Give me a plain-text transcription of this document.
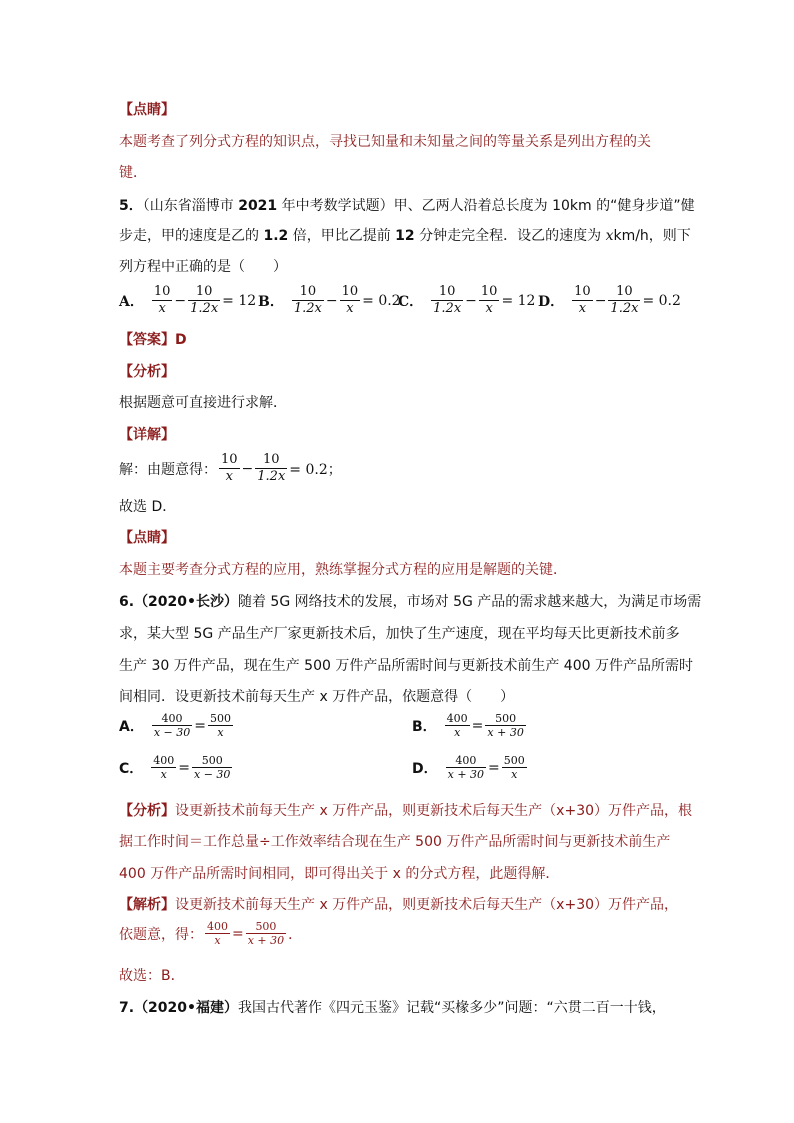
【点睛】
本题考查了列分式方程的知识点，寻找已知量和未知量之间的等量关系是列出方程的关
键．
5．（山东省淄博市 2021 年中考数学试题）甲、乙两人沿着总长度为 10km 的“健身步道”健
步走，甲的速度是乙的 1.2 倍，甲比乙提前 12 分钟走完全程．设乙的速度为 xkm/h，则下
列方程中正确的是（　　）
A． $\frac{10}{x} - \frac{10}{1.2x} = 12$ B． $\frac{10}{1.2x} - \frac{10}{x} = 0.2$
C． $\frac{10}{1.2x} - \frac{10}{x} = 12$ D． $\frac{10}{x} - \frac{10}{1.2x} = 0.2$
【答案】D
【分析】
根据题意可直接进行求解．
【详解】
解：由题意得： $\frac{10}{x} - \frac{10}{1.2x} = 0.2$；
故选 D．
【点睛】
本题主要考查分式方程的应用，熟练掌握分式方程的应用是解题的关键．
6.（2020•长沙）随着 5G 网络技术的发展，市场对 5G 产品的需求越来越大，为满足市场需
求，某大型 5G 产品生产厂家更新技术后，加快了生产速度，现在平均每天比更新技术前多
生产 30 万件产品，现在生产 500 万件产品所需时间与更新技术前生产 400 万件产品所需时
间相同．设更新技术前每天生产 x 万件产品，依题意得（　　）
A． $\frac{400}{x - 30} = \frac{500}{x}$	B． $\frac{400}{x} = \frac{500}{x + 30}$
C． $\frac{400}{x} = \frac{500}{x - 30}$	D． $\frac{400}{x + 30} = \frac{500}{x}$
【分析】设更新技术前每天生产 x 万件产品，则更新技术后每天生产（x+30）万件产品，根
据工作时间＝工作总量÷工作效率结合现在生产 500 万件产品所需时间与更新技术前生产
400 万件产品所需时间相同，即可得出关于 x 的分式方程，此题得解．
【解析】设更新技术前每天生产 x 万件产品，则更新技术后每天生产（x+30）万件产品，
依题意，得： $\frac{400}{x} = \frac{500}{x + 30}$ ．
故选：B．
7.（2020•福建）我国古代著作《四元玉鉴》记载“买椽多少”问题：“六贯二百一十钱，
